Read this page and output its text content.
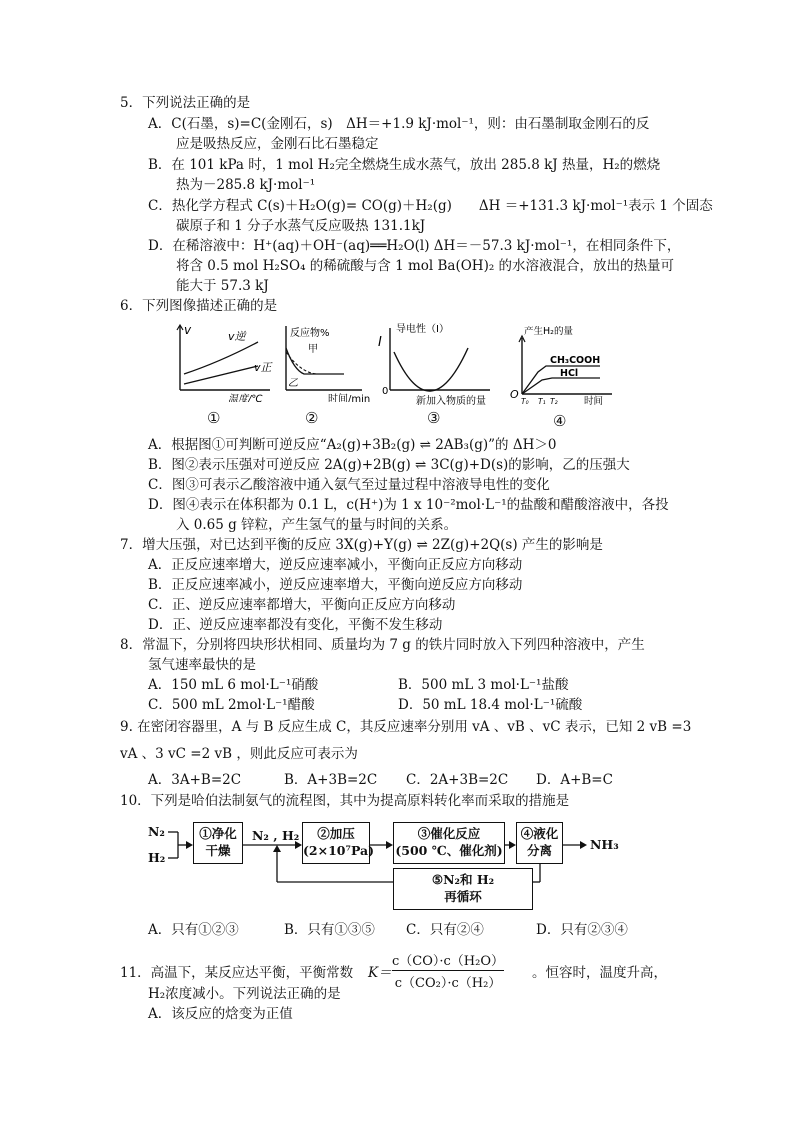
5．下列说法正确的是
A．C(石墨，s)=C(金刚石，s)　ΔH＝+1.9 kJ·mol⁻¹，则：由石墨制取金刚石的反
应是吸热反应，金刚石比石墨稳定
B．在 101 kPa 时，1 mol H₂完全燃烧生成水蒸气，放出 285.8 kJ 热量，H₂的燃烧
热为－285.8 kJ·mol⁻¹
C．热化学方程式 C(s)＋H₂O(g)= CO(g)＋H₂(g)　　ΔH ＝+131.3 kJ·mol⁻¹表示 1 个固态
碳原子和 1 分子水蒸气反应吸热 131.1kJ
D．在稀溶液中：H⁺(aq)＋OH⁻(aq)══H₂O(l) ΔH＝－57.3 kJ·mol⁻¹，在相同条件下，
将含 0.5 mol H₂SO₄ 的稀硫酸与含 1 mol Ba(OH)₂ 的水溶液混合，放出的热量可
能大于 57.3 kJ
6．下列图像描述正确的是
v	v逆
v正
温度/℃
①
反应物%
甲
乙
时间/min
②
I
导电性（I）
0
新加入物质的量
③
产生H₂的量
CH₃COOH
HCl
O
T₀ T₁ T₂	时间
④
A．根据图①可判断可逆反应“A₂(g)+3B₂(g) ⇌ 2AB₃(g)”的 ΔH＞0
B．图②表示压强对可逆反应 2A(g)+2B(g) ⇌ 3C(g)+D(s)的影响，乙的压强大
C．图③可表示乙酸溶液中通入氨气至过量过程中溶液导电性的变化
D．图④表示在体积都为 0.1 L，c(H⁺)为 1 x 10⁻²mol·L⁻¹的盐酸和醋酸溶液中，各投
入 0.65 g 锌粒，产生氢气的量与时间的关系。
7．增大压强，对已达到平衡的反应 3X(g)+Y(g) ⇌ 2Z(g)+2Q(s) 产生的影响是
A．正反应速率增大，逆反应速率减小，平衡向正反应方向移动
B．正反应速率减小，逆反应速率增大，平衡向逆反应方向移动
C．正、逆反应速率都增大，平衡向正反应方向移动
D．正、逆反应速率都没有变化，平衡不发生移动
8．常温下，分别将四块形状相同、质量均为 7 g 的铁片同时放入下列四种溶液中，产生
氢气速率最快的是
A．150 mL 6 mol·L⁻¹硝酸	B．500 mL 3 mol·L⁻¹盐酸
C．500 mL 2mol·L⁻¹醋酸	D．50 mL 18.4 mol·L⁻¹硫酸
9. 在密闭容器里，A 与 B 反应生成 C，其反应速率分别用 vA 、vB 、vC 表示，已知 2 vB =3
vA 、3 vC =2 vB ，则此反应可表示为
A．3A+B=2C	B．A+3B=2C C．2A+3B=2C D．A+B=C
10．下列是哈伯法制氨气的流程图，其中为提高原料转化率而采取的措施是
N₂
H₂
N₂ , H₂
①净化
干燥
②加压
(2×10⁷Pa)
③催化反应
(500 ℃、催化剂)
④液化
分离	NH₃
⑤N₂和 H₂
再循环
A．只有①②③	B．只有①③⑤ C．只有②④	D．只有②③④
11．高温下，某反应达平衡，平衡常数 K＝
c（CO）·c（H₂O）
c（CO₂）·c（H₂）
。恒容时，温度升高，
H₂浓度减小。下列说法正确的是
A．该反应的焓变为正值
